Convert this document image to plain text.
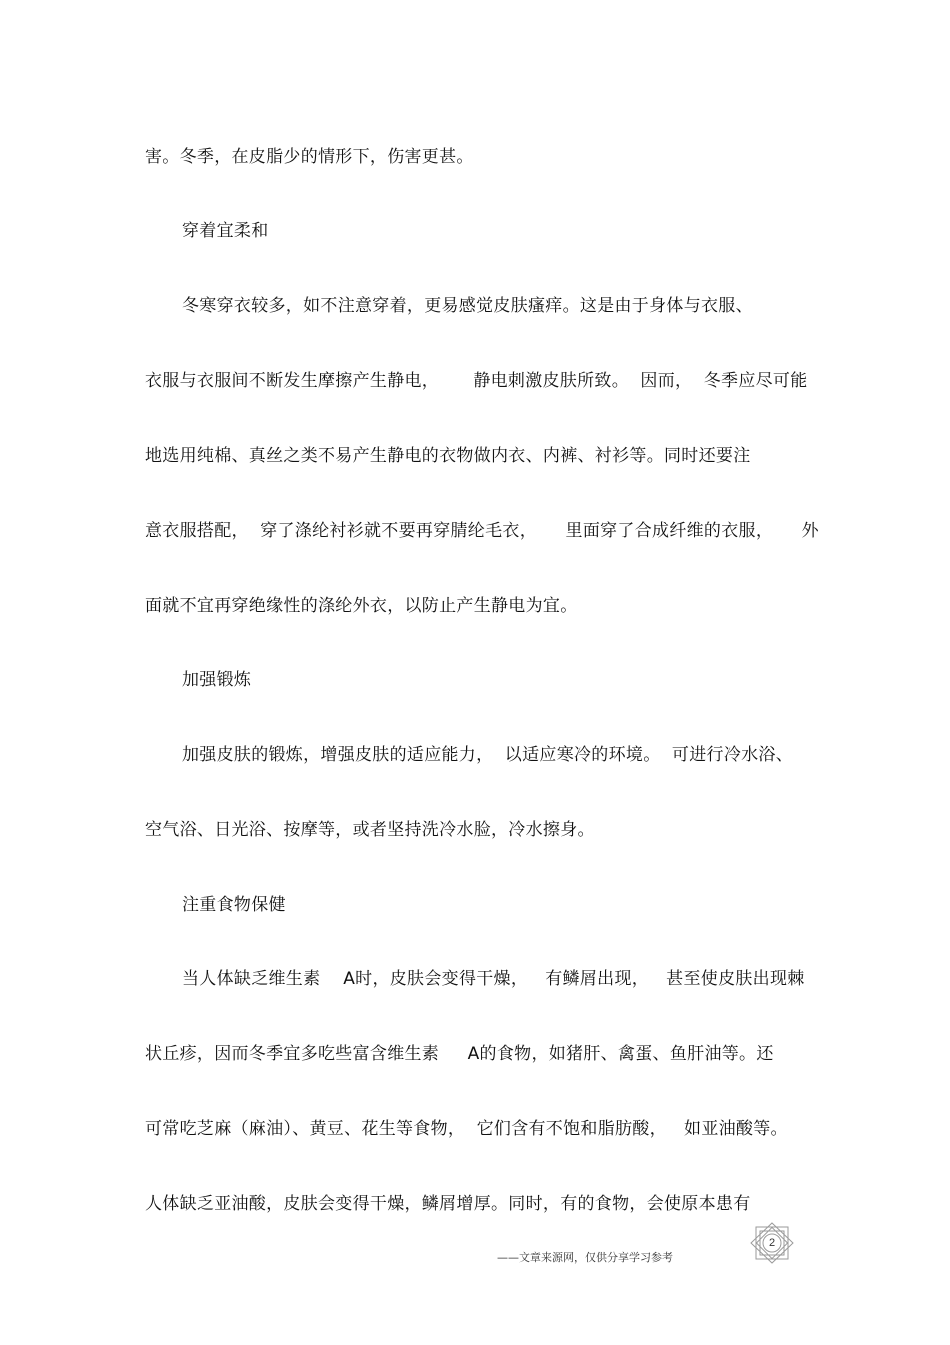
害。冬季，在皮脂少的情形下，伤害更甚。
穿着宜柔和
冬寒穿衣较多，如不注意穿着，更易感觉皮肤瘙痒。这是由于身体与衣服、
衣服与衣服间不断发生摩擦产生静电，      静电刺激皮肤所致。  因而，  冬季应尽可能
地选用纯棉、真丝之类不易产生静电的衣物做内衣、内裤、衬衫等。同时还要注
意衣服搭配，  穿了涤纶衬衫就不要再穿腈纶毛衣，     里面穿了合成纤维的衣服，     外
面就不宜再穿绝缘性的涤纶外衣，以防止产生静电为宜。
加强锻炼
加强皮肤的锻炼，增强皮肤的适应能力，  以适应寒冷的环境。  可进行冷水浴、
空气浴、日光浴、按摩等，或者坚持洗冷水脸，冷水擦身。
注重食物保健
当人体缺乏维生素    A时，皮肤会变得干燥，   有鳞屑出现，   甚至使皮肤出现棘
状丘疹，因而冬季宜多吃些富含维生素     A的食物，如猪肝、禽蛋、鱼肝油等。还
可常吃芝麻（麻油）、黄豆、花生等食物，  它们含有不饱和脂肪酸，   如亚油酸等。
人体缺乏亚油酸，皮肤会变得干燥，鳞屑增厚。同时，有的食物，会使原本患有
2
——文章来源网，仅供分享学习参考
